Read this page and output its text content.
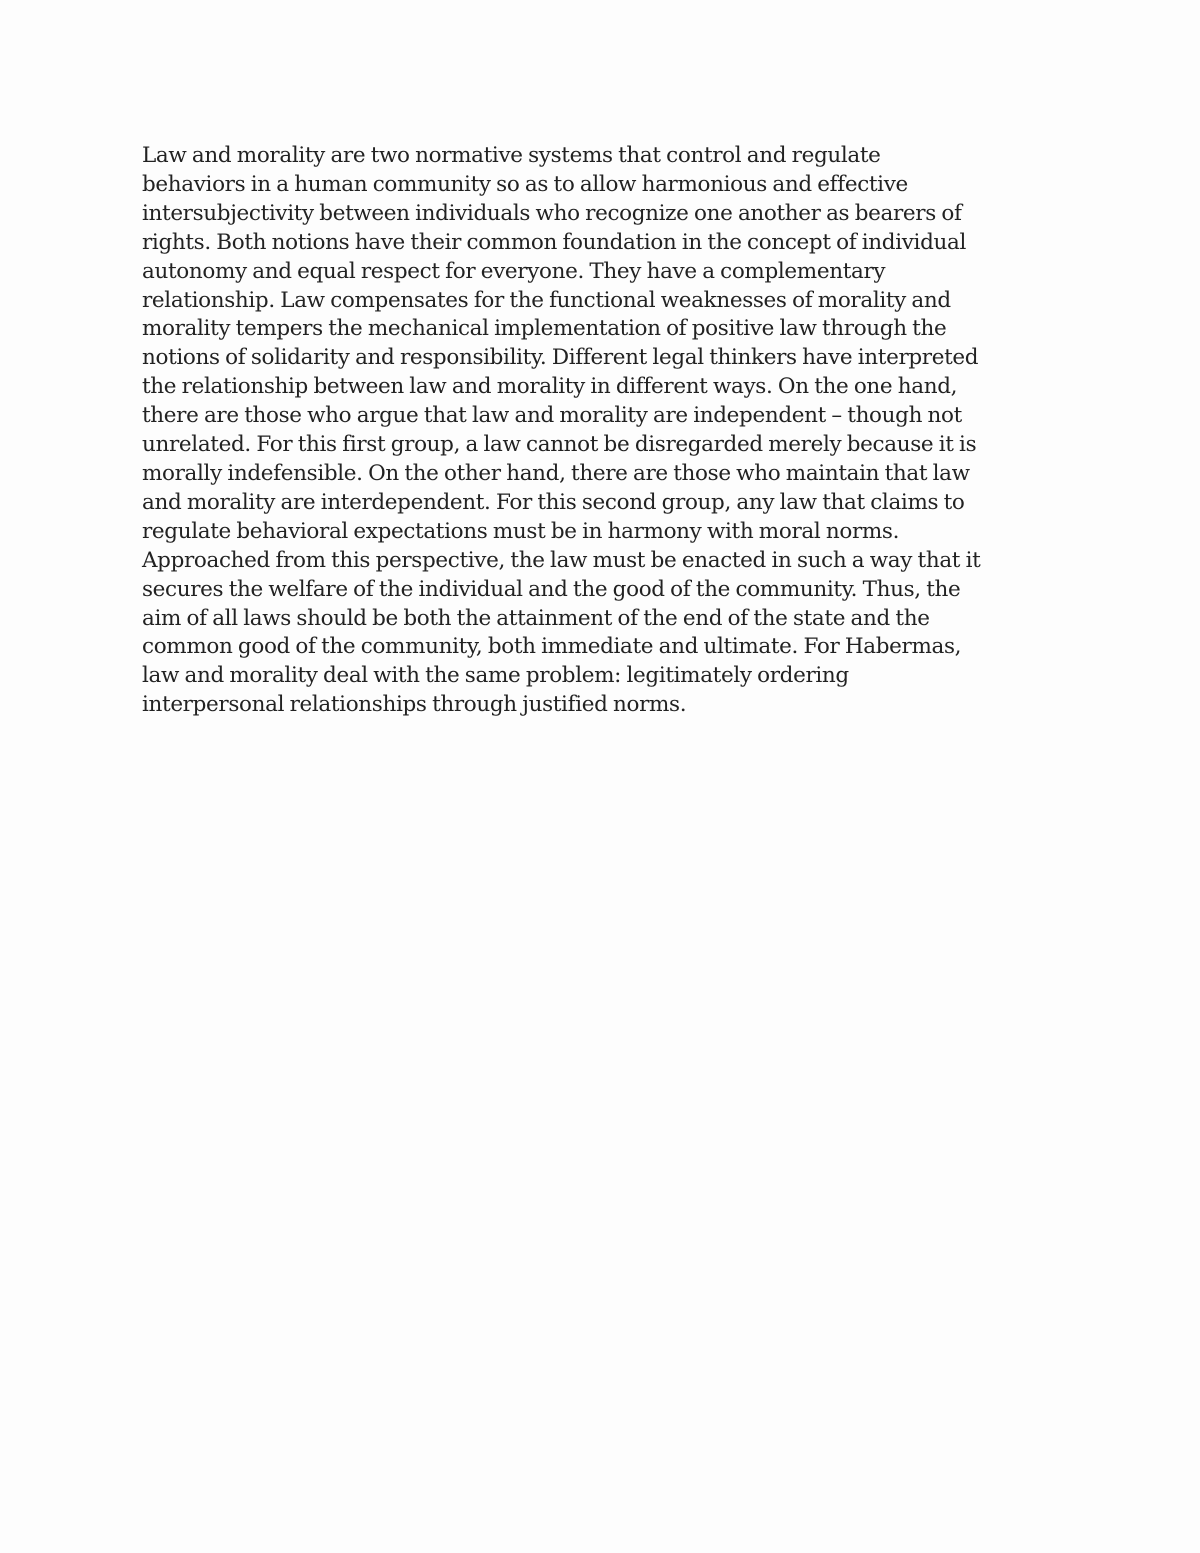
Law and morality are two normative systems that control and regulate
behaviors in a human community so as to allow harmonious and effective
intersubjectivity between individuals who recognize one another as bearers of
rights. Both notions have their common foundation in the concept of individual
autonomy and equal respect for everyone. They have a complementary
relationship. Law compensates for the functional weaknesses of morality and
morality tempers the mechanical implementation of positive law through the
notions of solidarity and responsibility. Different legal thinkers have interpreted
the relationship between law and morality in different ways. On the one hand,
there are those who argue that law and morality are independent – though not
unrelated. For this first group, a law cannot be disregarded merely because it is
morally indefensible. On the other hand, there are those who maintain that law
and morality are interdependent. For this second group, any law that claims to
regulate behavioral expectations must be in harmony with moral norms.
Approached from this perspective, the law must be enacted in such a way that it
secures the welfare of the individual and the good of the community. Thus, the
aim of all laws should be both the attainment of the end of the state and the
common good of the community, both immediate and ultimate. For Habermas,
law and morality deal with the same problem: legitimately ordering
interpersonal relationships through justified norms.
